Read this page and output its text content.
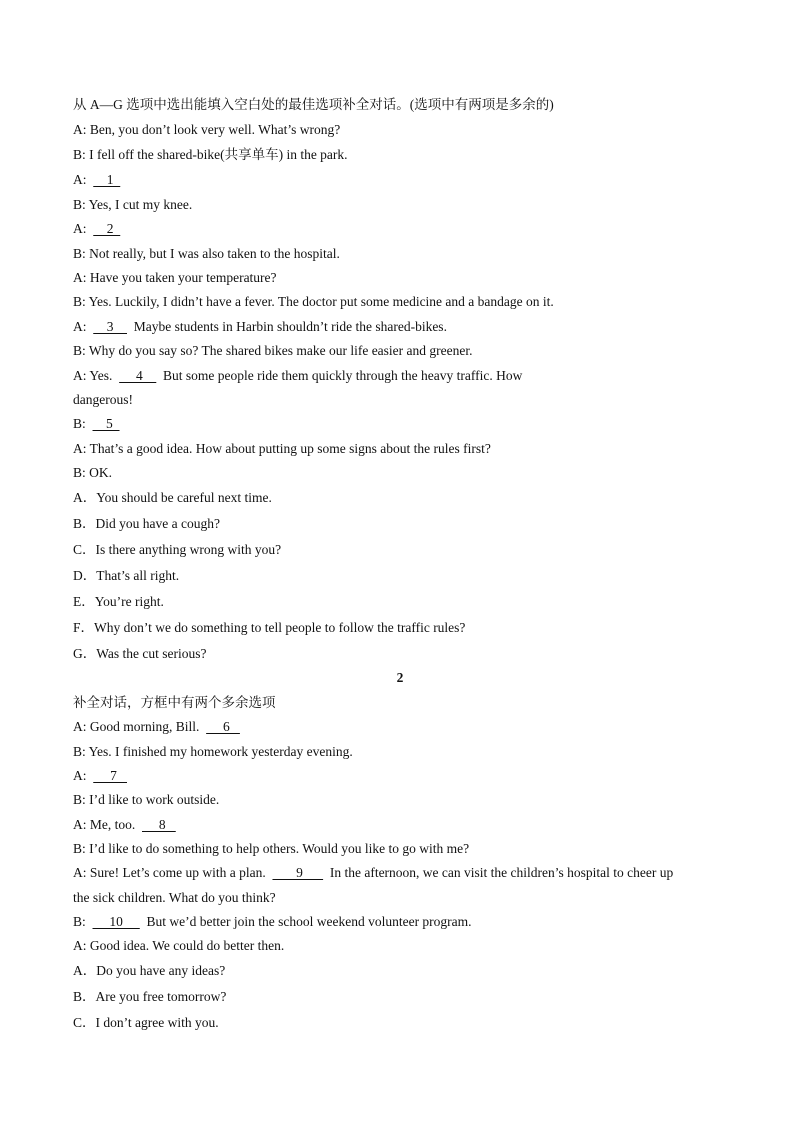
从 A—G 选项中选出能填入空白处的最佳选项补全对话。(选项中有两项是多余的)
A: Ben, you don’t look very well. What’s wrong?
B: I fell off the shared-bike(共享单车) in the park.
A:      1
B: Yes, I cut my knee.
A:      2
B: Not really, but I was also taken to the hospital.
A: Have you taken your temperature?
B: Yes. Luckily, I didn’t have a fever. The doctor put some medicine and a bandage on it.
A:      3      Maybe students in Harbin shouldn’t ride the shared-bikes.
B: Why do you say so? The shared bikes make our life easier and greener.
A: Yes.       4      But some people ride them quickly through the heavy traffic. How
dangerous!
B:      5
A: That’s a good idea. How about putting up some signs about the rules first?
B: OK.
A．You should be careful next time.
B．Did you have a cough?
C．Is there anything wrong with you?
D．That’s all right.
E．You’re right.
F．Why don’t we do something to tell people to follow the traffic rules?
G．Was the cut serious?
2
补全对话，方框中有两个多余选项
A: Good morning, Bill.       6
B: Yes. I finished my homework yesterday evening.
A:       7
B: I’d like to work outside.
A: Me, too.       8
B: I’d like to do something to help others. Would you like to go with me?
A: Sure! Let’s come up with a plan.         9        In the afternoon, we can visit the children’s hospital to cheer up
the sick children. What do you think?
B:       10       But we’d better join the school weekend volunteer program.
A: Good idea. We could do better then.
A．Do you have any ideas?
B．Are you free tomorrow?
C．I don’t agree with you.
